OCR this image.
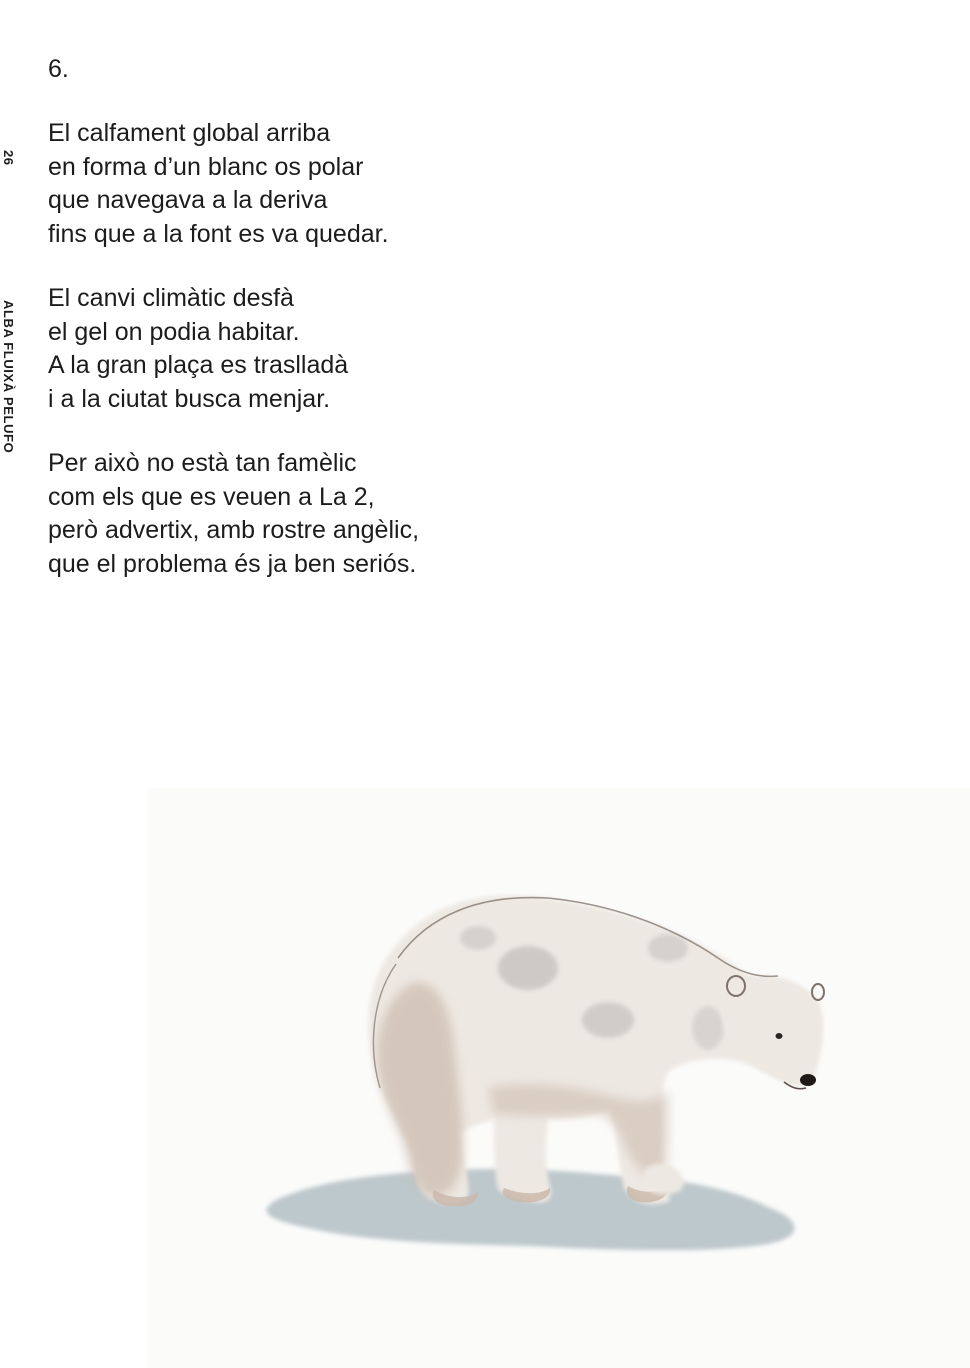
26
ALBA FLUIXÀ PELUFO
6.
El calfament global arriba
en forma d’un blanc os polar
que navegava a la deriva
fins que a la font es va quedar.
El canvi climàtic desfà
el gel on podia habitar.
A la gran plaça es traslladà
i a la ciutat busca menjar.
Per això no està tan famèlic
com els que es veuen a La 2,
però advertix, amb rostre angèlic,
que el problema és ja ben seriós.
